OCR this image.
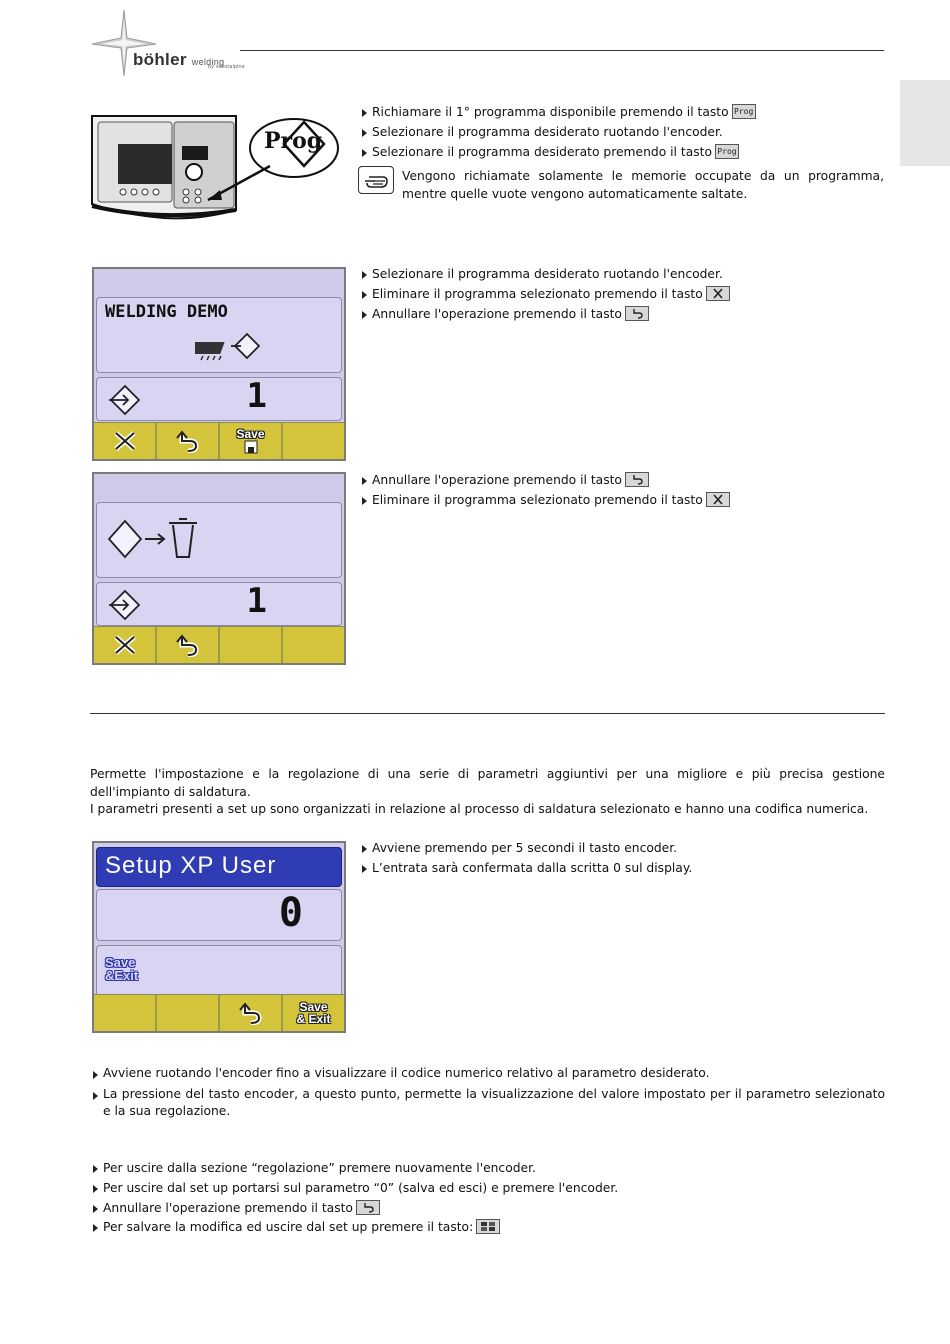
böhler welding
by voestalpine
Prog
Richiamare il 1° programma disponibile premendo il tasto Prog
Selezionare il programma desiderato ruotando l'encoder.
Selezionare il programma desiderato premendo il tasto Prog
Vengono richiamate solamente le memorie occupate da un programma, mentre quelle vuote vengono automaticamente saltate.
WELDING DEMO
1
Save
Selezionare il programma desiderato ruotando l'encoder.
Eliminare il programma selezionato premendo il tasto
Annullare l'operazione premendo il tasto
1
Annullare l'operazione premendo il tasto
Eliminare il programma selezionato premendo il tasto
Permette l'impostazione e la regolazione di una serie di parametri aggiuntivi per una migliore e più precisa gestione dell'impianto di saldatura.
I parametri presenti a set up sono organizzati in relazione al processo di saldatura selezionato e hanno una codifica numerica.
Setup XP User
0
Save
&Exit
Save
& Exit
Avviene premendo per 5 secondi il tasto encoder.
L’entrata sarà confermata dalla scritta 0 sul display.
Avviene ruotando l'encoder fino a visualizzare il codice numerico relativo al parametro desiderato.
La pressione del tasto encoder, a questo punto, permette la visualizzazione del valore impostato per il parametro selezionato e la sua regolazione.
Per uscire dalla sezione “regolazione” premere nuovamente l'encoder.
Per uscire dal set up portarsi sul parametro “0” (salva ed esci) e premere l'encoder.
Annullare l'operazione premendo il tasto
Per salvare la modifica ed uscire dal set up premere il tasto:
